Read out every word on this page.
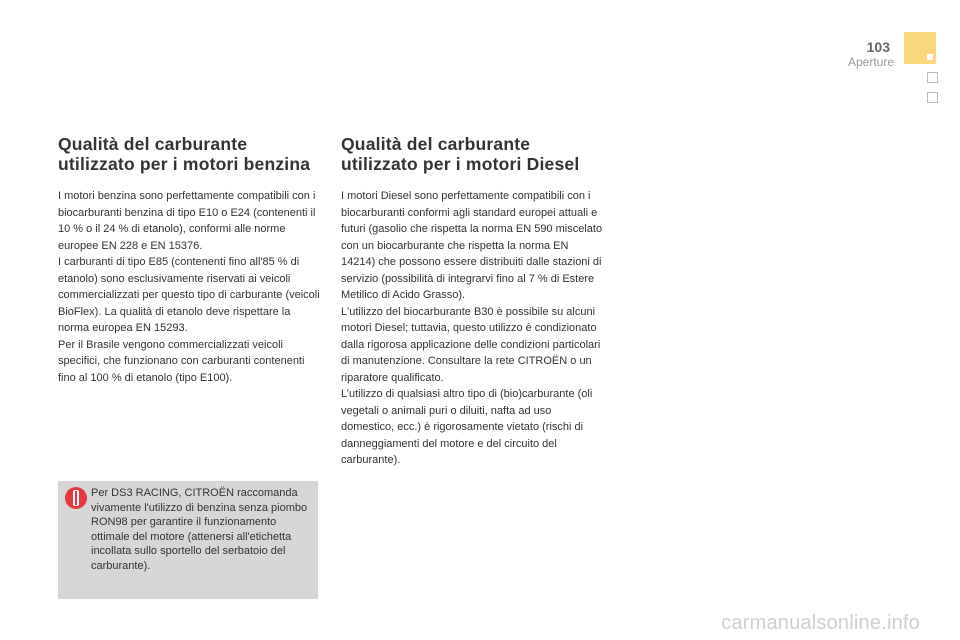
103
Aperture
Qualità del carburante
utilizzato per i motori benzina

I motori benzina sono perfettamente compatibili con i biocarburanti benzina di tipo E10 o E24 (contenenti il 10 % o il 24 % di etanolo), conformi alle norme europee EN 228 e EN 15376.
I carburanti di tipo E85 (contenenti fino all'85 % di etanolo) sono esclusivamente riservati ai veicoli commercializzati per questo tipo di carburante (veicoli BioFlex). La qualità di etanolo deve rispettare la norma europea EN 15293.
Per il Brasile vengono commercializzati veicoli specifici, che funzionano con carburanti contenenti fino al 100 % di etanolo (tipo E100).

Per DS3 RACING, CITROËN raccomanda vivamente l'utilizzo di benzina senza piombo RON98 per garantire il funzionamento ottimale del motore (attenersi all'etichetta incollata sullo sportello del serbatoio del carburante).

Qualità del carburante
utilizzato per i motori Diesel

I motori Diesel sono perfettamente compatibili con i biocarburanti conformi agli standard europei attuali e futuri (gasolio che rispetta la norma EN 590 miscelato con un biocarburante che rispetta la norma EN 14214) che possono essere distribuiti dalle stazioni di servizio (possibilità di integrarvi fino al 7 % di Estere Metilico di Acido Grasso).
L'utilizzo del biocarburante B30 è possibile su alcuni motori Diesel; tuttavia, questo utilizzo è condizionato dalla rigorosa applicazione delle condizioni particolari di manutenzione. Consultare la rete CITROËN o un riparatore qualificato.
L’utilizzo di qualsiasi altro tipo di (bio)carburante (oli vegetali o animali puri o diluiti, nafta ad uso domestico, ecc.) è rigorosamente vietato (rischi di danneggiamenti del motore e del circuito del carburante).

carmanualsonline.info
